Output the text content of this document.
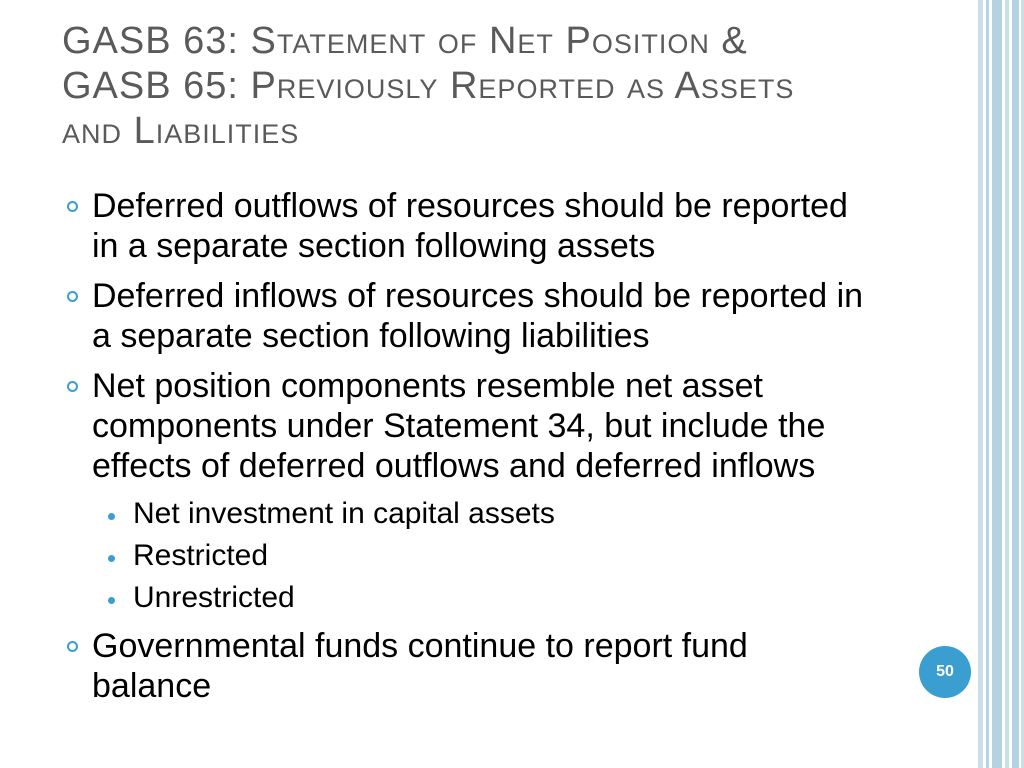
GASB 63: Statement of Net Position &
GASB 65: Previously Reported as Assets
and Liabilities
Deferred outflows of resources should be reported
in a separate section following assets
Deferred inflows of resources should be reported in
a separate section following liabilities
Net position components resemble net asset
components under Statement 34, but include the
effects of deferred outflows and deferred inflows
Net investment in capital assets
Restricted
Unrestricted
Governmental funds continue to report fund
balance	50
